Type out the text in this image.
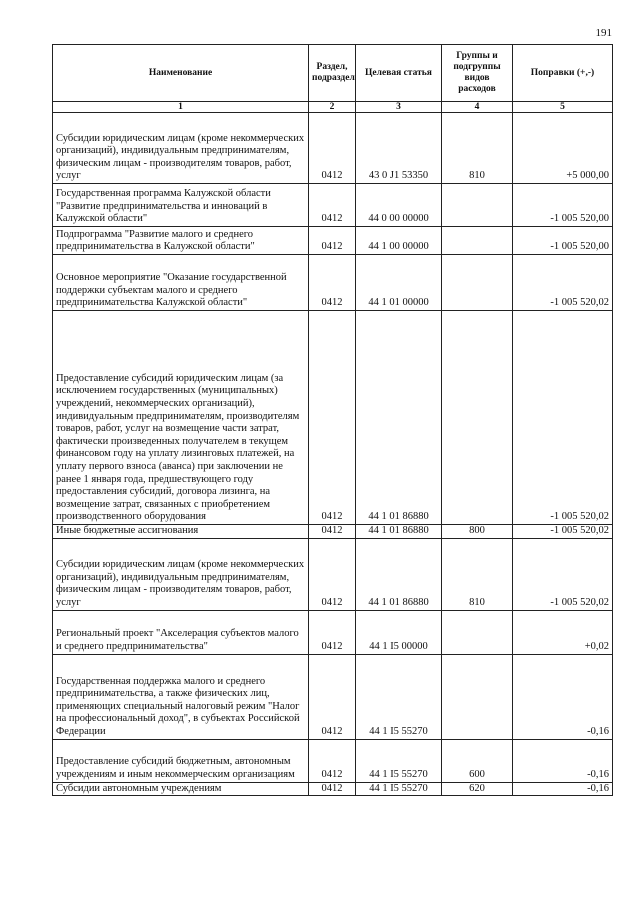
191
Наименование	Раздел, подраздел	Целевая статья	Группы и подгруппы видов расходов	Поправки (+,-)
1	2	3	4	5
Субсидии юридическим лицам (кроме некоммерческих организаций), индивидуальным предпринимателям, физическим лицам - производителям товаров, работ, услуг	0412	43 0 J1 53350	810	+5 000,00
Государственная программа Калужской области "Развитие предпринимательства и инноваций в Калужской области"	0412	44 0 00 00000		-1 005 520,00
Подпрограмма "Развитие малого и среднего предпринимательства в Калужской области"	0412	44 1 00 00000		-1 005 520,00
Основное мероприятие "Оказание государственной поддержки субъектам малого и среднего предпринимательства Калужской области"	0412	44 1 01 00000		-1 005 520,02
Предоставление субсидий юридическим лицам (за исключением государственных (муниципальных) учреждений, некоммерческих организаций), индивидуальным предпринимателям, производителям товаров, работ, услуг на возмещение части затрат, фактически произведенных получателем в текущем финансовом году на уплату лизинговых платежей, на уплату первого взноса (аванса) при заключении не ранее 1 января года, предшествующего году предоставления субсидий, договора лизинга, на возмещение затрат, связанных с приобретением производственного оборудования	0412	44 1 01 86880		-1 005 520,02
Иные бюджетные ассигнования	0412	44 1 01 86880	800	-1 005 520,02
Субсидии юридическим лицам (кроме некоммерческих организаций), индивидуальным предпринимателям, физическим лицам - производителям товаров, работ, услуг	0412	44 1 01 86880	810	-1 005 520,02
Региональный проект "Акселерация субъектов малого и среднего предпринимательства"	0412	44 1 I5 00000		+0,02
Государственная поддержка малого и среднего предпринимательства, а также физических лиц, применяющих специальный налоговый режим "Налог на профессиональный доход", в субъектах Российской Федерации	0412	44 1 I5 55270		-0,16
Предоставление субсидий бюджетным, автономным учреждениям и иным некоммерческим организациям	0412	44 1 I5 55270	600	-0,16
Субсидии автономным учреждениям	0412	44 1 I5 55270	620	-0,16
